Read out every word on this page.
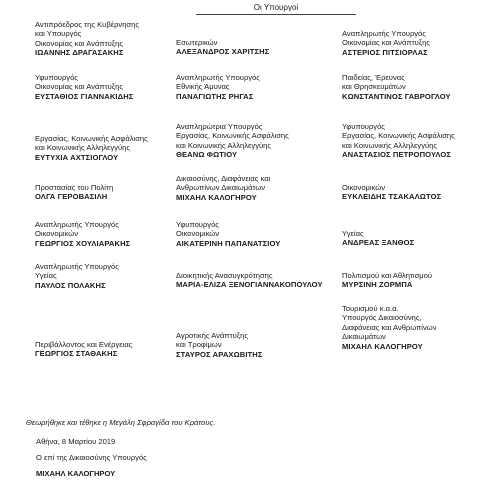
Οι Υπουργοί
Αντιπρόεδρος της Κυβέρνησης
και Υπουργός
Οικονομίας και Ανάπτυξης
ΙΩΑΝΝΗΣ ΔΡΑΓΑΣΑΚΗΣ
Εσωτερικών
ΑΛΕΞΑΝΔΡΟΣ ΧΑΡΙΤΣΗΣ
Αναπληρωτής Υπουργός
Οικονομίας και Ανάπτυξης
ΑΣΤΕΡΙΟΣ ΠΙΤΣΙΟΡΛΑΣ
Υφυπουργός
Οικονομίας και Ανάπτυξης
ΕΥΣΤΑΘΙΟΣ ΓΙΑΝΝΑΚΙΔΗΣ
Αναπληρωτής Υπουργός
Εθνικής Άμυνας
ΠΑΝΑΓΙΩΤΗΣ ΡΗΓΑΣ
Παιδείας, Έρευνας
και Θρησκευμάτων
ΚΩΝΣΤΑΝΤΙΝΟΣ ΓΑΒΡΟΓΛΟΥ
Εργασίας, Κοινωνικής Ασφάλισης
και Κοινωνικής Αλληλεγγύης
ΕΥΤΥΧΙΑ ΑΧΤΣΙΟΓΛΟΥ
Αναπληρώτρια Υπουργός
Εργασίας, Κοινωνικής Ασφάλισης
και Κοινωνικής Αλληλεγγύης
ΘΕΑΝΩ ΦΩΤΙΟΥ
Υφυπουργός
Εργασίας, Κοινωνικής Ασφάλισης
και Κοινωνικής Αλληλεγγύης
ΑΝΑΣΤΑΣΙΟΣ ΠΕΤΡΟΠΟΥΛΟΣ
Προστασίας του Πολίτη
ΟΛΓΑ ΓΕΡΟΒΑΣΙΛΗ
Δικαιοσύνης, Διαφάνειας και
Ανθρωπίνων Δικαιωμάτων
ΜΙΧΑΗΛ ΚΑΛΟΓΗΡΟΥ
Οικονομικών
ΕΥΚΛΕΙΔΗΣ ΤΣΑΚΑΛΩΤΟΣ
Αναπληρωτής Υπουργός
Οικονομικών
ΓΕΩΡΓΙΟΣ ΧΟΥΛΙΑΡΑΚΗΣ
Υφυπουργός
Οικονομικών
ΑΙΚΑΤΕΡΙΝΗ ΠΑΠΑΝΑΤΣΙΟΥ
Υγείας
ΑΝΔΡΕΑΣ ΞΑΝΘΟΣ
Αναπληρωτής Υπουργός
Υγείας
ΠΑΥΛΟΣ ΠΟΛΑΚΗΣ
Διοικητικής Ανασυγκρότησης
ΜΑΡΙΑ-ΕΛΙΖΑ ΞΕΝΟΓΙΑΝΝΑΚΟΠΟΥΛΟΥ
Πολιτισμού και Αθλητισμού
ΜΥΡΣΙΝΗ ΖΟΡΜΠΑ
Περιβάλλοντος και Ενέργειας
ΓΕΩΡΓΙΟΣ ΣΤΑΘΑΚΗΣ
Αγροτικής Ανάπτυξης
και Τροφίμων
ΣΤΑΥΡΟΣ ΑΡΑΧΩΒΙΤΗΣ
Τουρισμού κ.α.α.
Υπουργός Δικαιοσύνης,
Διαφάνειας και Ανθρωπίνων
Δικαιωμάτων
ΜΙΧΑΗΛ ΚΑΛΟΓΗΡΟΥ
Θεωρήθηκε και τέθηκε η Μεγάλη Σφραγίδα του Κράτους.
Αθήνα, 8 Μαρτίου 2019
Ο επί της Δικαιοσύνης Υπουργός
ΜΙΧΑΗΛ ΚΑΛΟΓΗΡΟΥ
